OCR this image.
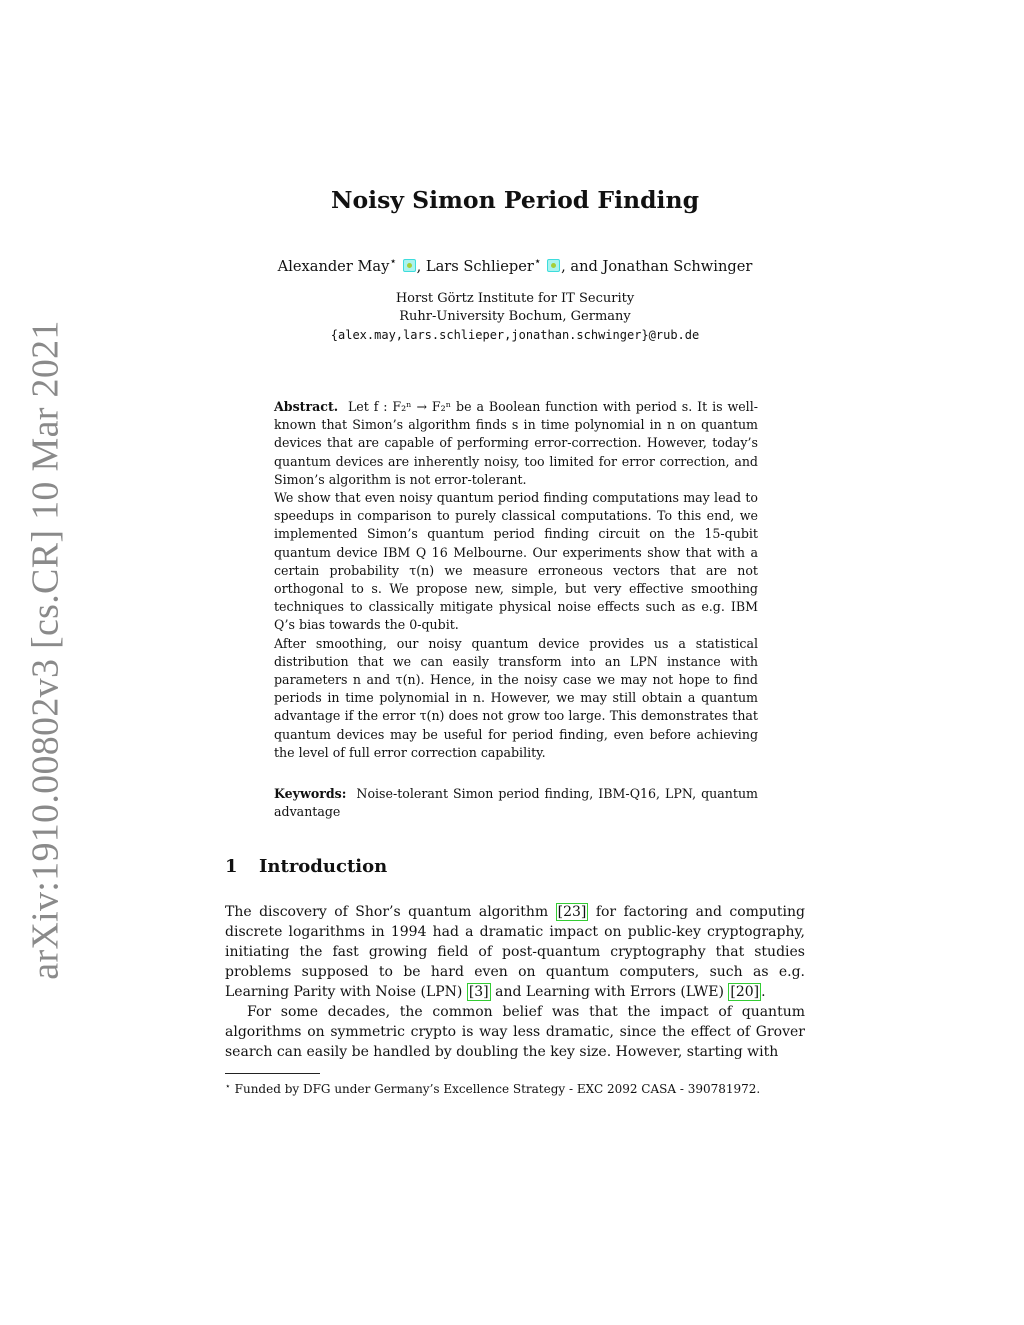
arXiv:1910.00802v3 [cs.CR] 10 Mar 2021
Noisy Simon Period Finding
Alexander May⋆ , Lars Schlieper⋆ , and Jonathan Schwinger
Horst Görtz Institute for IT Security
Ruhr-University Bochum, Germany
{alex.may,lars.schlieper,jonathan.schwinger}@rub.de

Abstract. Let f : F₂ⁿ → F₂ⁿ be a Boolean function with period s. It is well-known that Simon’s algorithm finds s in time polynomial in n on quantum devices that are capable of performing error-correction. However, today’s quantum devices are inherently noisy, too limited for error correction, and Simon’s algorithm is not error-tolerant.

We show that even noisy quantum period finding computations may lead to speedups in comparison to purely classical computations. To this end, we implemented Simon’s quantum period finding circuit on the 15-qubit quantum device IBM Q 16 Melbourne. Our experiments show that with a certain probability τ(n) we measure erroneous vectors that are not orthogonal to s. We propose new, simple, but very effective smoothing techniques to classically mitigate physical noise effects such as e.g. IBM Q’s bias towards the 0-qubit.

After smoothing, our noisy quantum device provides us a statistical distribution that we can easily transform into an LPN instance with parameters n and τ(n). Hence, in the noisy case we may not hope to find periods in time polynomial in n. However, we may still obtain a quantum advantage if the error τ(n) does not grow too large. This demonstrates that quantum devices may be useful for period finding, even before achieving the level of full error correction capability.

Keywords: Noise-tolerant Simon period finding, IBM-Q16, LPN, quantum advantage
1 Introduction

The discovery of Shor’s quantum algorithm [23] for factoring and computing discrete logarithms in 1994 had a dramatic impact on public-key cryptography, initiating the fast growing field of post-quantum cryptography that studies problems supposed to be hard even on quantum computers, such as e.g. Learning Parity with Noise (LPN) [3] and Learning with Errors (LWE) [20] .

For some decades, the common belief was that the impact of quantum algorithms on symmetric crypto is way less dramatic, since the effect of Grover search can easily be handled by doubling the key size. However, starting with

⋆ Funded by DFG under Germany’s Excellence Strategy - EXC 2092 CASA - 390781972.
